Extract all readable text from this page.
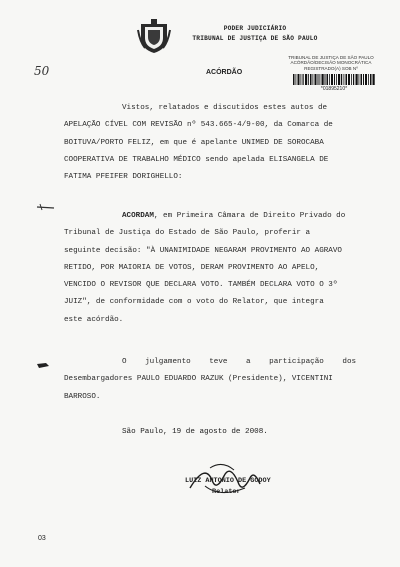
PODER JUDICIÁRIO
TRIBUNAL DE JUSTIÇA DE SÃO PAULO
50	ACÓRDÃO
TRIBUNAL DE JUSTIÇA DE SÃO PAULO
ACÓRDÃO/DECISÃO MONOCRÁTICA
REGISTRADO(A) SOB Nº
*01895210*
Vistos, relatados e discutidos estes autos de
APELAÇÃO CÍVEL COM REVISÃO nº 543.665-4/9-00, da Comarca de
BOITUVA/PORTO FELIZ, em que é apelante UNIMED DE SOROCABA
COOPERATIVA DE TRABALHO MÉDICO sendo apelada ELISANGELA DE
FATIMA PFEIFER DORIGHELLO:
ACORDAM, em Primeira Câmara de Direito Privado do
Tribunal de Justiça do Estado de São Paulo, proferir a
seguinte decisão: "À UNANIMIDADE NEGARAM PROVIMENTO AO AGRAVO
RETIDO, POR MAIORIA DE VOTOS, DERAM PROVIMENTO AO APELO,
VENCIDO O REVISOR QUE DECLARA VOTO. TAMBÉM DECLARA VOTO O 3º
JUIZ", de conformidade com o voto do Relator, que integra
este acórdão.
O julgamento teve a participação dos
Desembargadores PAULO EDUARDO RAZUK (Presidente), VICENTINI
BARROSO.
São Paulo, 19 de agosto de 2008.
LUIZ ANTONIO DE GODOY
Relator
03
